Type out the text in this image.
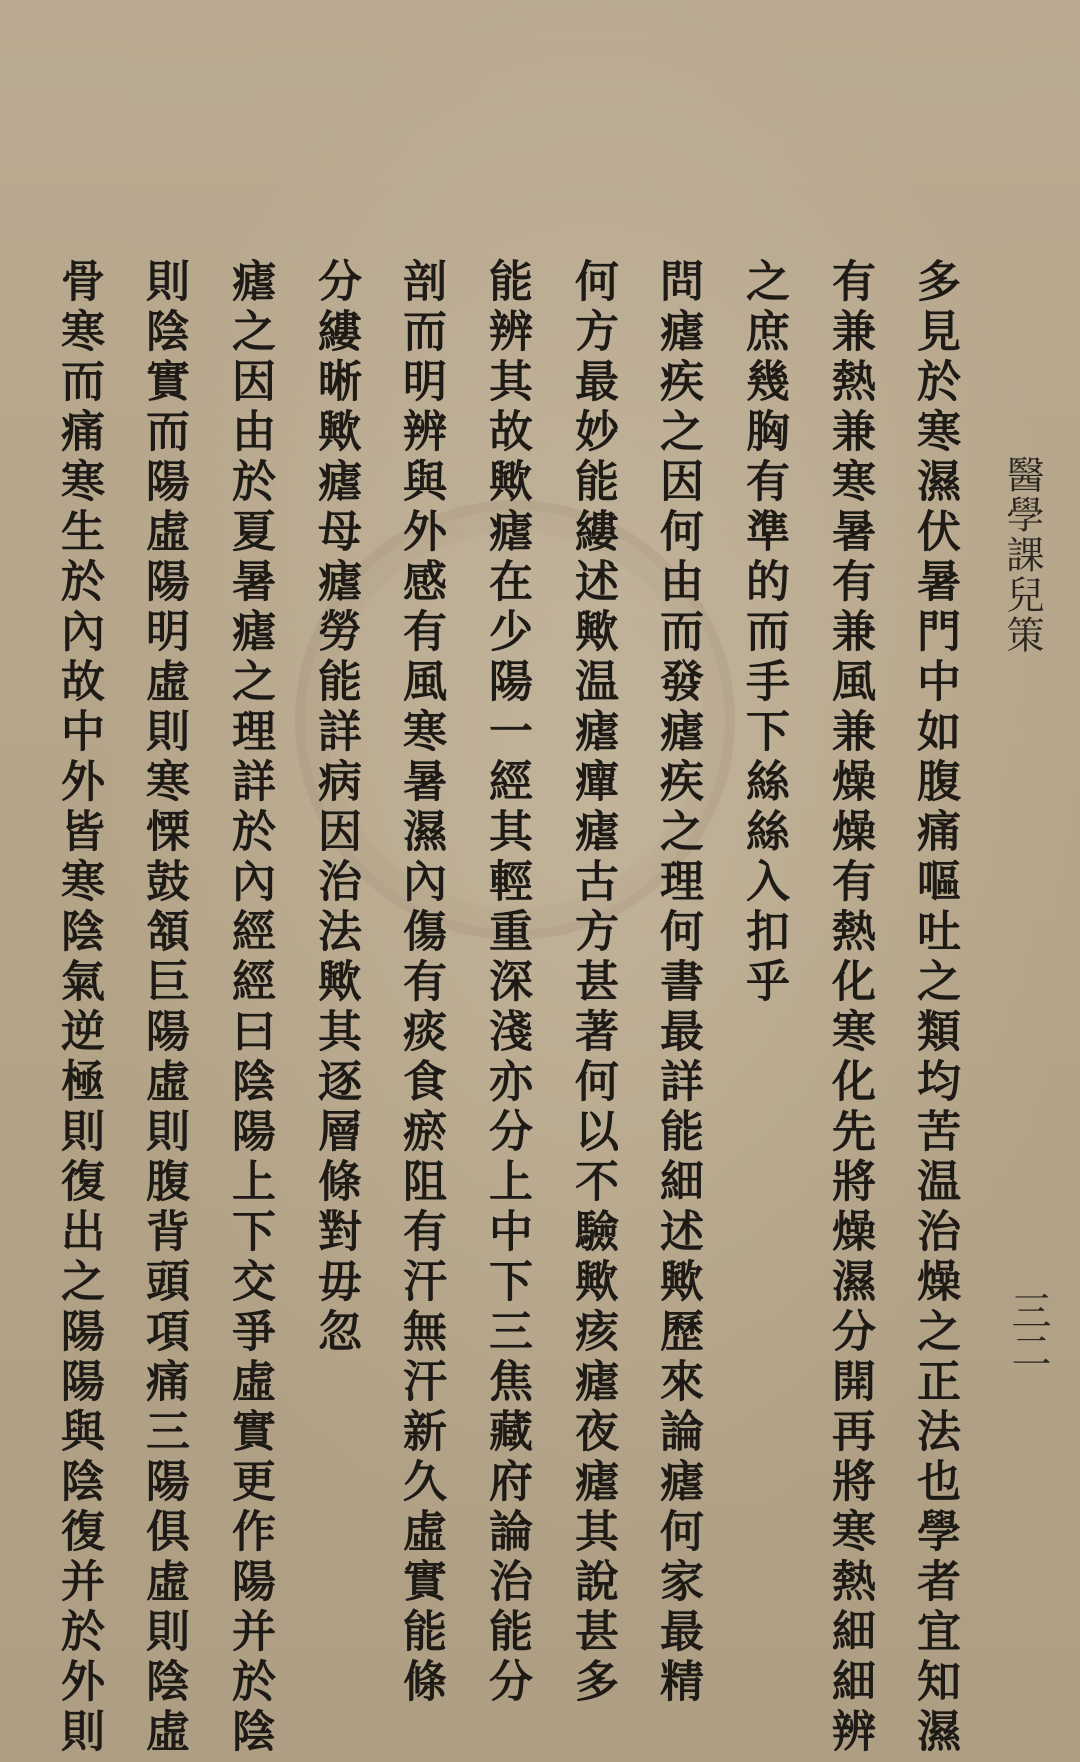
醫學課兒策
三二
多見於寒濕伏暑門中如腹痛嘔吐之類均苦温治燥之正法也學者宜知濕
有兼熱兼寒暑有兼風兼燥燥有熱化寒化先將燥濕分開再將寒熱細細辨
之庶幾胸有準的而手下絲絲入扣乎
問瘧疾之因何由而發瘧疾之理何書最詳能細述歟歷來論瘧何家最精
何方最妙能縷述歟温瘧癉瘧古方甚著何以不驗歟痎瘧夜瘧其說甚多
能辨其故歟瘧在少陽一經其輕重深淺亦分上中下三焦藏府論治能分
剖而明辨與外感有風寒暑濕內傷有痰食瘀阻有汗無汗新久虛實能條
分縷晰歟瘧母瘧勞能詳病因治法歟其逐層條對毋忽
瘧之因由於夏暑瘧之理詳於內經經曰陰陽上下交爭虛實更作陽并於陰
則陰實而陽虛陽明虛則寒慄鼓頷巨陽虛則腹背頭項痛三陽俱虛則陰虛
骨寒而痛寒生於內故中外皆寒陰氣逆極則復出之陽陽與陰復并於外則
